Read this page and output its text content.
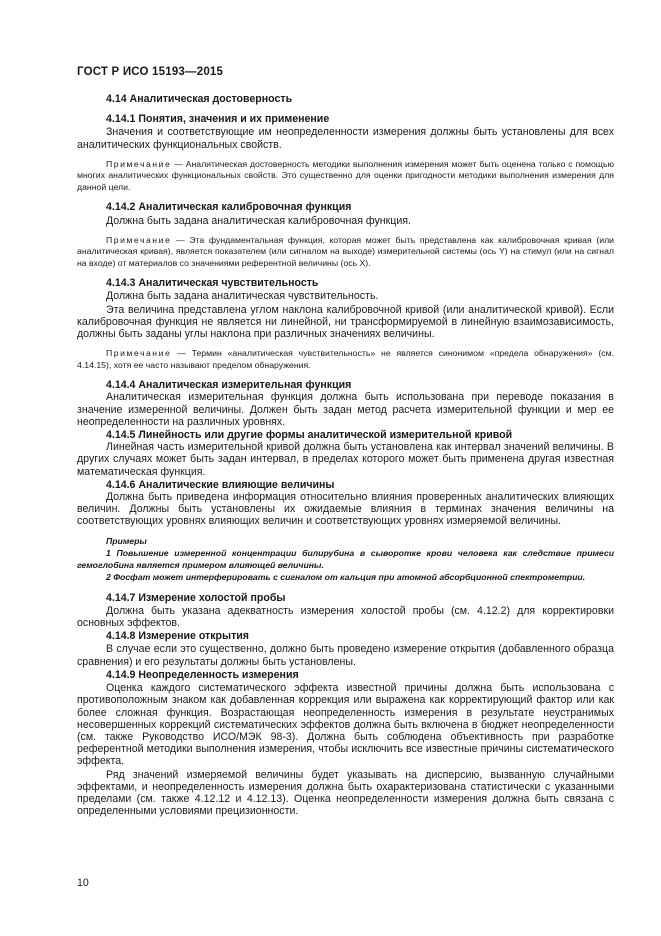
ГОСТ Р ИСО 15193—2015

4.14 Аналитическая достоверность

4.14.1 Понятия, значения и их применение

Значения и соответствующие им неопределенности измерения должны быть установлены для всех аналитических функциональных свойств.

Примечание — Аналитическая достоверность методики выполнения измерения может быть оценена только с помощью многих аналитических функциональных свойств. Это существенно для оценки пригодности методики выполнения измерения для данной цели.

4.14.2 Аналитическая калибровочная функция

Должна быть задана аналитическая калибровочная функция.

Примечание — Эта фундаментальная функция, которая может быть представлена как калибровочная кривая (или аналитическая кривая), является показателем (или сигналом на выходе) измерительной системы (ось Y) на стимул (или на сигнал на входе) от материалов со значениями референтной величины (ось X).

4.14.3 Аналитическая чувствительность

Должна быть задана аналитическая чувствительность.

Эта величина представлена углом наклона калибровочной кривой (или аналитической кривой). Если калибровочная функция не является ни линейной, ни трансформируемой в линейную взаимозависимость, должны быть заданы углы наклона при различных значениях величины.

Примечание — Термин «аналитическая чувствительность» не является синонимом «предела обнаружения» (см. 4.14.15), хотя ее часто называют пределом обнаружения.

4.14.4 Аналитическая измерительная функция

Аналитическая измерительная функция должна быть использована при переводе показания в значение измеренной величины. Должен быть задан метод расчета измерительной функции и мер ее неопределенности на различных уровнях.

4.14.5 Линейность или другие формы аналитической измерительной кривой

Линейная часть измерительной кривой должна быть установлена как интервал значений величины. В других случаях может быть задан интервал, в пределах которого может быть применена другая известная математическая функция.

4.14.6 Аналитические влияющие величины

Должна быть приведена информация относительно влияния проверенных аналитических влияющих величин. Должны быть установлены их ожидаемые влияния в терминах значения величины на соответствующих уровнях влияющих величин и соответствующих уровнях измеряемой величины.

Примеры

1 Повышение измеренной концентрации билирубина в сыворотке крови человека как следствие примеси гемоглобина является примером влияющей величины.

2 Фосфат может интерферировать с сигналом от кальция при атомной абсорбционной спектрометрии.

4.14.7 Измерение холостой пробы

Должна быть указана адекватность измерения холостой пробы (см. 4.12.2) для корректировки основных эффектов.

4.14.8 Измерение открытия

В случае если это существенно, должно быть проведено измерение открытия (добавленного образца сравнения) и его результаты должны быть установлены.

4.14.9 Неопределенность измерения

Оценка каждого систематического эффекта известной причины должна быть использована с противоположным знаком как добавленная коррекция или выражена как корректирующий фактор или как более сложная функция. Возрастающая неопределенность измерения в результате неустранимых несовершенных коррекций систематических эффектов должна быть включена в бюджет неопределенности (см. также Руководство ИСО/МЭК 98-3). Должна быть соблюдена объективность при разработке референтной методики выполнения измерения, чтобы исключить все известные причины систематического эффекта.

Ряд значений измеряемой величины будет указывать на дисперсию, вызванную случайными эффектами, и неопределенность измерения должна быть охарактеризована статистически с указанными пределами (см. также 4.12.12 и 4.12.13). Оценка неопределенности измерения должна быть связана с определенными условиями прецизионности.

10
